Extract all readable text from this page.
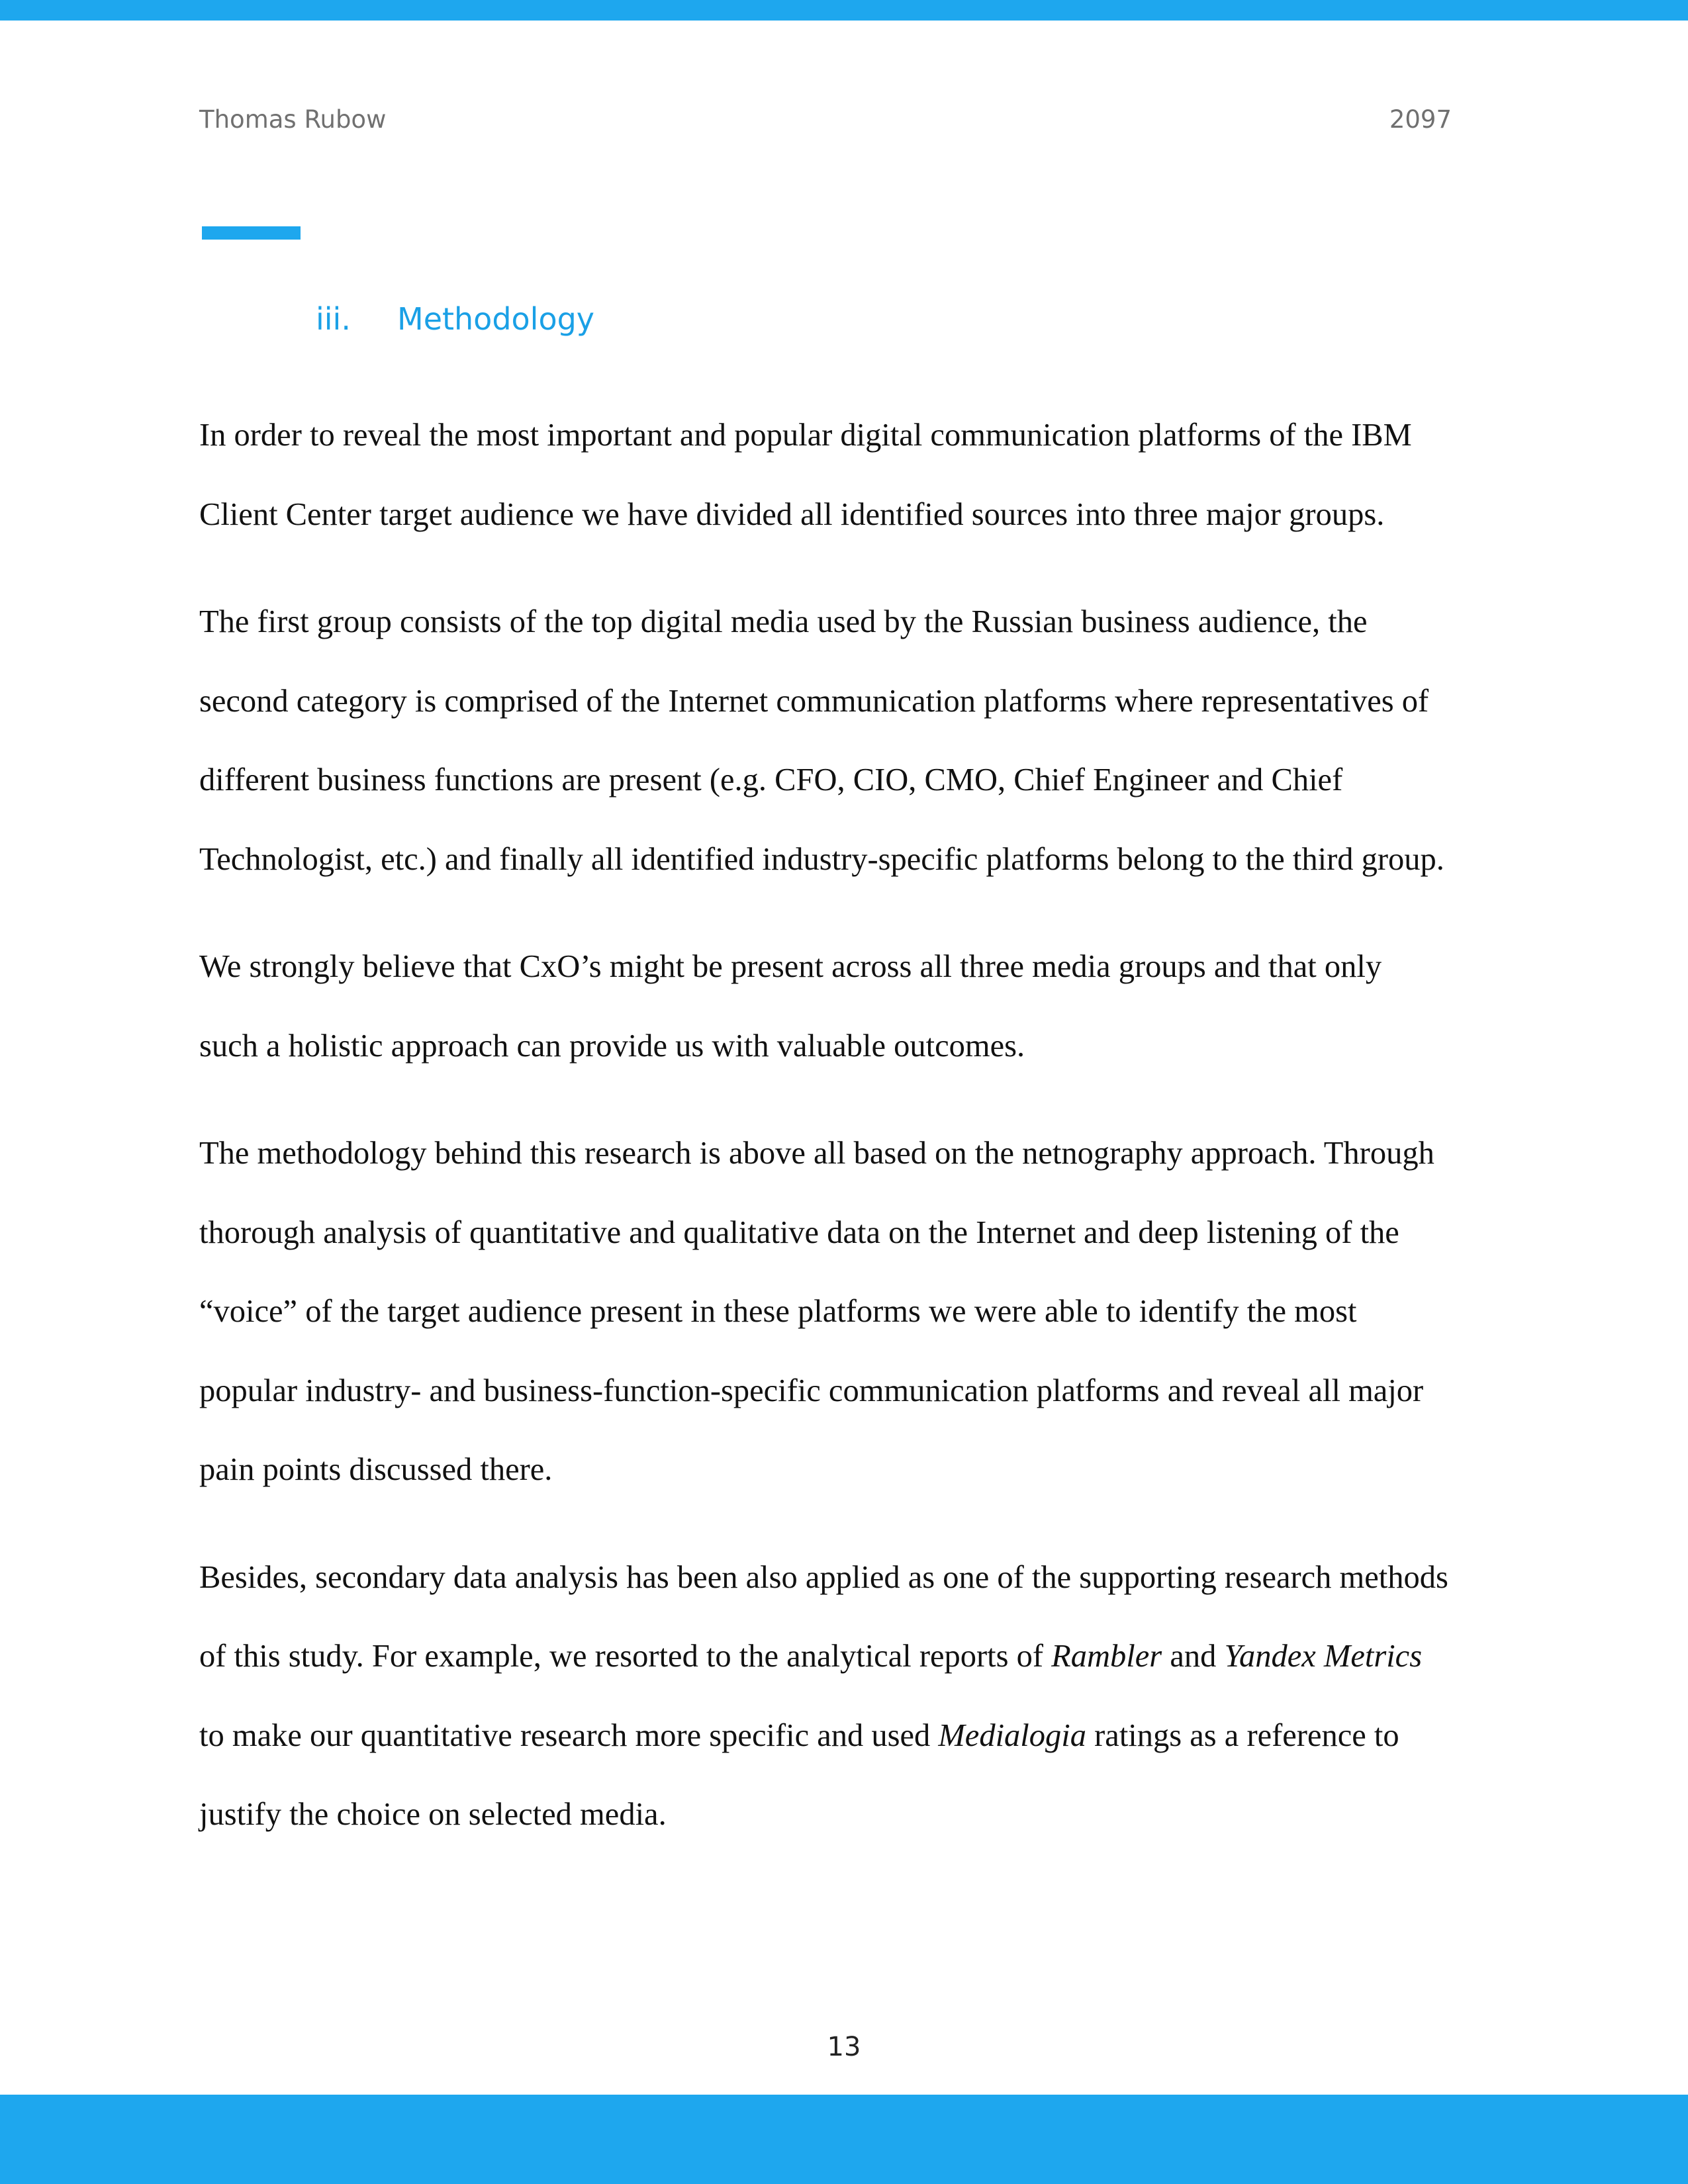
Thomas Rubow	2097
iii. Methodology
In order to reveal the most important and popular digital communication platforms of the IBM
Client Center target audience we have divided all identified sources into three major groups.
The first group consists of the top digital media used by the Russian business audience, the
second category is comprised of the Internet communication platforms where representatives of
different business functions are present (e.g. CFO, CIO, CMO, Chief Engineer and Chief
Technologist, etc.) and finally all identified industry-specific platforms belong to the third group.
We strongly believe that CxO’s might be present across all three media groups and that only
such a holistic approach can provide us with valuable outcomes.
The methodology behind this research is above all based on the netnography approach. Through
thorough analysis of quantitative and qualitative data on the Internet and deep listening of the
“voice” of the target audience present in these platforms we were able to identify the most
popular industry- and business-function-specific communication platforms and reveal all major
pain points discussed there.
Besides, secondary data analysis has been also applied as one of the supporting research methods
of this study. For example, we resorted to the analytical reports of Rambler and Yandex Metrics
to make our quantitative research more specific and used Medialogia ratings as a reference to
justify the choice on selected media.
13
